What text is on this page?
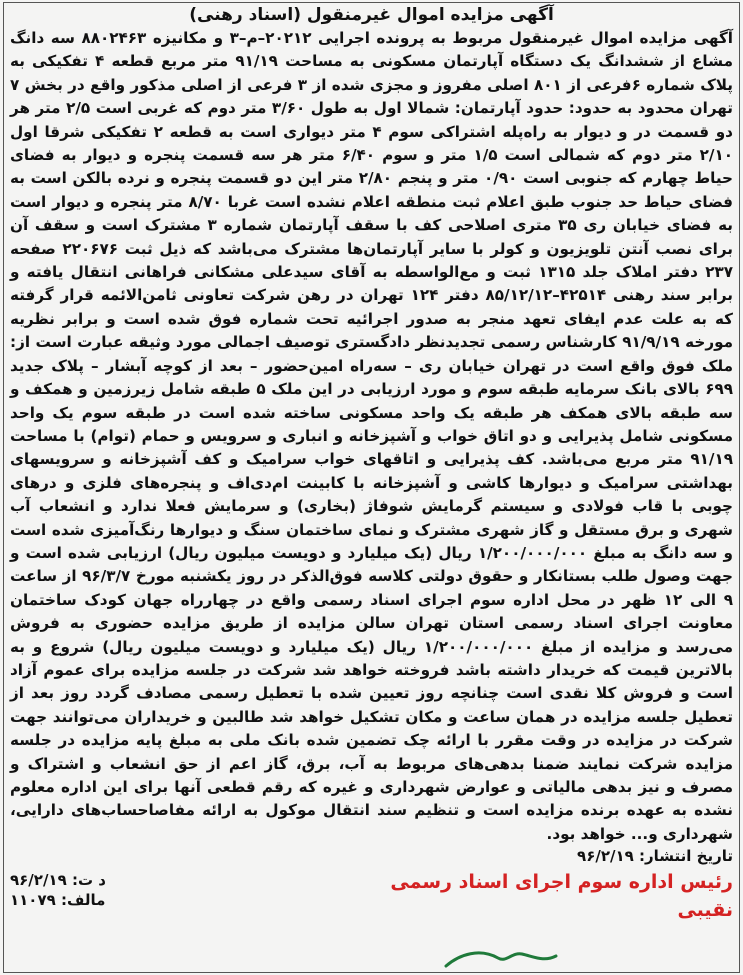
آگهی مزایده اموال غیرمنقول (اسناد رهنی)

آگهی مزایده اموال غیرمنقول مربوط به پرونده اجرایی ۲۰۲۱۲–م–۳ و مکانیزه ۸۸۰۲۴۶۳ سه دانگ مشاع از ششدانگ یک دستگاه آپارتمان مسکونی به مساحت ۹۱/۱۹ متر مربع قطعه ۴ تفکیکی به پلاک شماره ۶فرعی از ۸۰۱ اصلی مفروز و مجزی شده از ۳ فرعی از اصلی مذکور واقع در بخش ۷ تهران محدود به حدود: حدود آپارتمان: شمالا اول به طول ۳/۶۰ متر دوم که غربی است ۲/۵ متر هر دو قسمت در و دیوار به راه‌پله اشتراکی سوم ۴ متر دیواری است به قطعه ۲ تفکیکی شرقا اول ۲/۱۰ متر دوم که شمالی است ۱/۵ متر و سوم ۶/۴۰ متر هر سه قسمت پنجره و دیوار به فضای حیاط چهارم که جنوبی است ۰/۹۰ متر و پنجم ۲/۸۰ متر این دو قسمت پنجره و نرده بالکن است به فضای حیاط حد جنوب طبق اعلام ثبت منطقه اعلام نشده است غربا ۸/۷۰ متر پنجره و دیوار است به فضای خیابان ری ۳۵ متری اصلاحی کف با سقف آپارتمان شماره ۳ مشترک است و سقف آن برای نصب آنتن تلویزیون و کولر با سایر آپارتمان‌ها مشترک می‌باشد که ذیل ثبت ۲۲۰۶۷۶ صفحه ۲۳۷ دفتر املاک جلد ۱۳۱۵ ثبت و مع‌الواسطه به آقای سیدعلی مشکانی فراهانی انتقال یافته و برابر سند رهنی ۴۲۵۱۴–۸۵/۱۲/۱۲ دفتر ۱۲۴ تهران در رهن شرکت تعاونی ثامن‌الائمه قرار گرفته که به علت عدم ایفای تعهد منجر به صدور اجرائیه تحت شماره فوق شده است و برابر نظریه مورخه ۹۱/۹/۱۹ کارشناس رسمی تجدیدنظر دادگستری توصیف اجمالی مورد وثیقه عبارت است از: ملک فوق واقع است در تهران خیابان ری – سه‌راه امین‌حضور – بعد از کوچه آبشار – پلاک جدید ۶۹۹ بالای بانک سرمایه طبقه سوم و مورد ارزیابی در این ملک ۵ طبقه شامل زیرزمین و همکف و سه طبقه بالای همکف هر طبقه یک واحد مسکونی ساخته شده است در طبقه سوم یک واحد مسکونی شامل پذیرایی و دو اتاق خواب و آشپزخانه و انباری و سرویس و حمام (توام) با مساحت ۹۱/۱۹ متر مربع می‌باشد. کف پذیرایی و اتاقهای خواب سرامیک و کف آشپزخانه و سرویسهای بهداشتی سرامیک و دیوارها کاشی و آشپزخانه با کابینت ام‌دی‌اف و پنجره‌های فلزی و درهای چوبی با قاب فولادی و سیستم گرمایش شوفاژ (بخاری) و سرمایش فعلا ندارد و انشعاب آب شهری و برق مستقل و گاز شهری مشترک و نمای ساختمان سنگ و دیوارها رنگ‌آمیزی شده است و سه دانگ به مبلغ ۱/۲۰۰/۰۰۰/۰۰۰ ریال (یک میلیارد و دویست میلیون ریال) ارزیابی شده است و جهت وصول طلب بستانکار و حقوق دولتی کلاسه فوق‌الذکر در روز یکشنبه مورخ ۹۶/۳/۷ از ساعت ۹ الی ۱۲ ظهر در محل اداره سوم اجرای اسناد رسمی واقع در چهارراه جهان کودک ساختمان معاونت اجرای اسناد رسمی استان تهران سالن مزایده از طریق مزایده حضوری به فروش می‌رسد و مزایده از مبلغ ۱/۲۰۰/۰۰۰/۰۰۰ ریال (یک میلیارد و دویست میلیون ریال) شروع و به بالاترین قیمت که خریدار داشته باشد فروخته خواهد شد شرکت در جلسه مزایده برای عموم آزاد است و فروش کلا نقدی است چنانچه روز تعیین شده با تعطیل رسمی مصادف گردد روز بعد از تعطیل جلسه مزایده در همان ساعت و مکان تشکیل خواهد شد طالبین و خریداران می‌توانند جهت شرکت در مزایده در وقت مقرر با ارائه چک تضمین شده بانک ملی به مبلغ پایه مزایده در جلسه مزایده شرکت نمایند ضمنا بدهی‌های مربوط به آب، برق، گاز اعم از حق انشعاب و اشتراک و مصرف و نیز بدهی مالیاتی و عوارض شهرداری و غیره که رقم قطعی آنها برای این اداره معلوم نشده به عهده برنده مزایده است و تنظیم سند انتقال موکول به ارائه مفاصاحساب‌های دارایی، شهرداری و... خواهد بود.

تاریخ انتشار: ۹۶/۲/۱۹
رئیس اداره سوم اجرای اسناد رسمی
نقیبی
د ت: ۹۶/۲/۱۹
مالف: ۱۱۰۷۹
